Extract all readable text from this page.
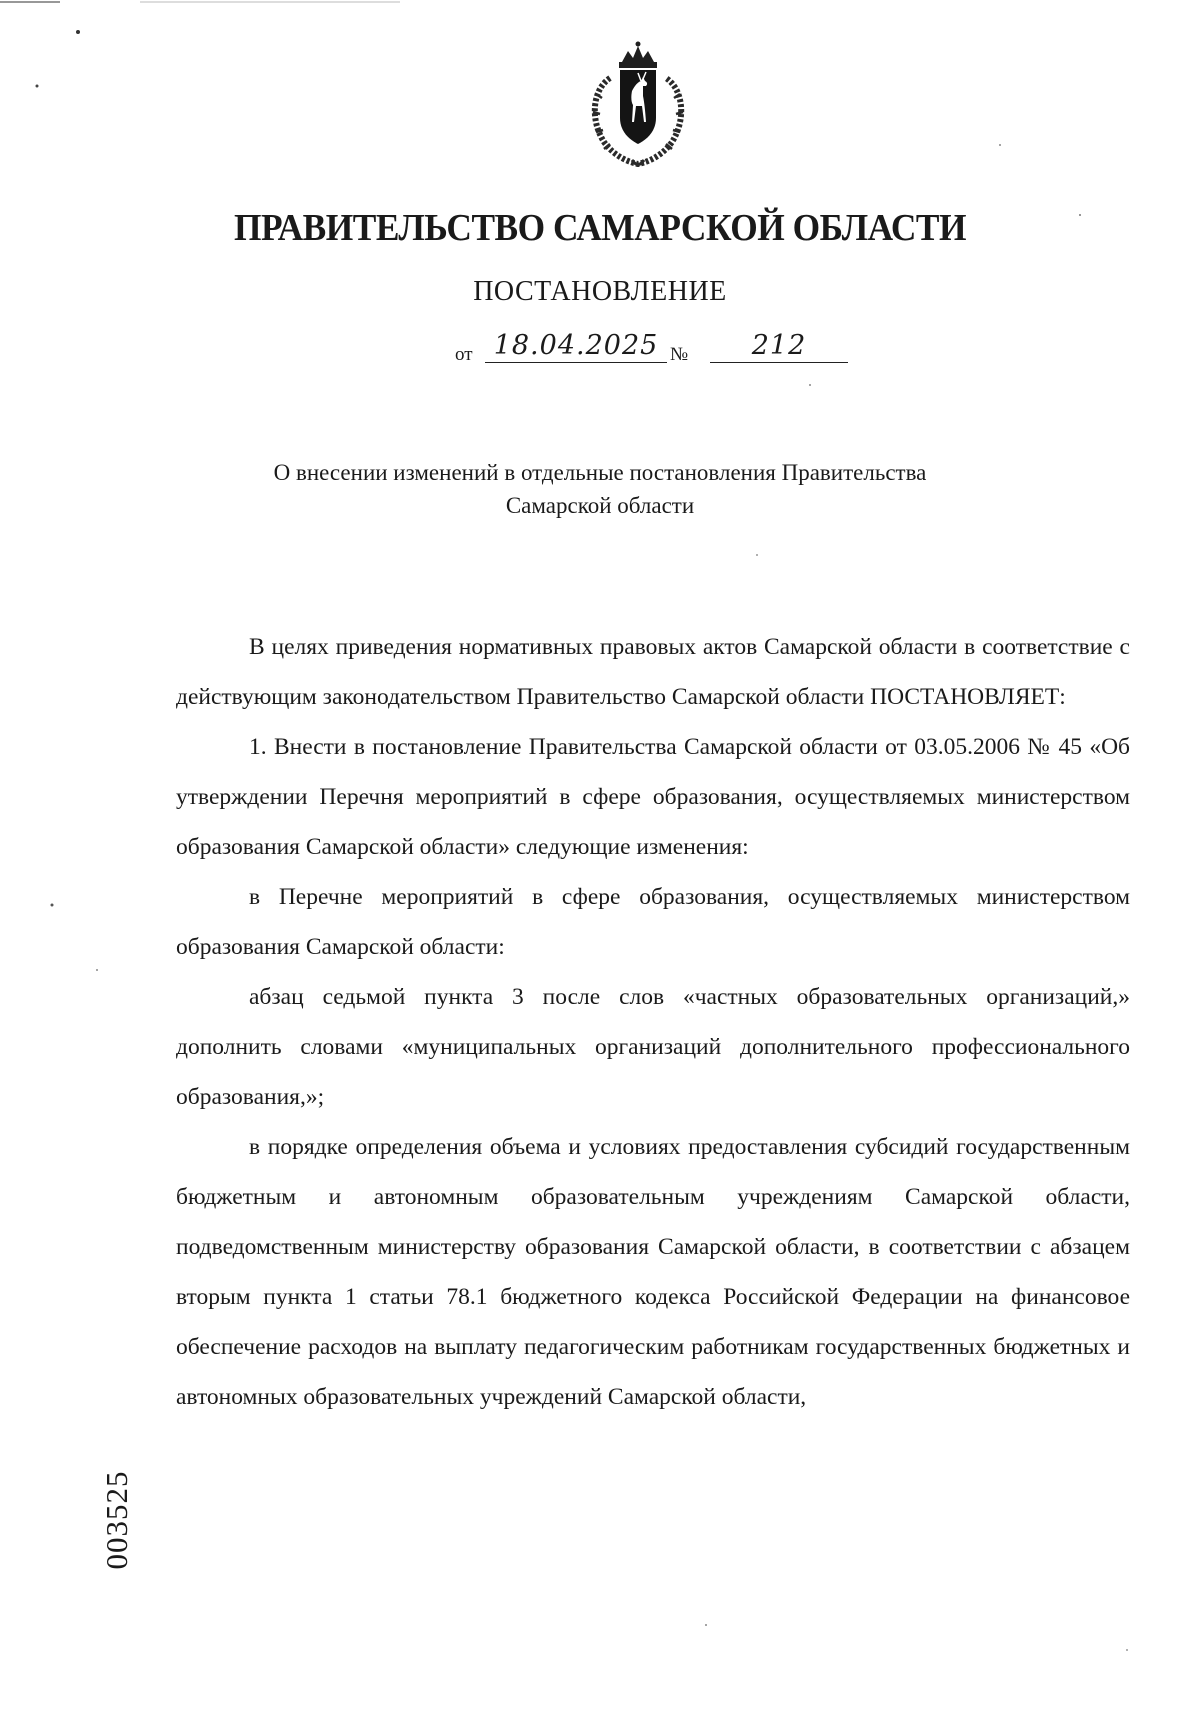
ПРАВИТЕЛЬСТВО САМАРСКОЙ ОБЛАСТИ
ПОСТАНОВЛЕНИЕ
от 18.04.2025 №	212
О внесении изменений в отдельные постановления Правительства
Самарской области

В целях приведения нормативных правовых актов Самарской области в соответствие с действующим законодательством Правительство Самарской области ПОСТАНОВЛЯЕТ:

1. Внести в постановление Правительства Самарской области от 03.05.2006 № 45 «Об утверждении Перечня мероприятий в сфере образования, осуществляемых министерством образования Самарской области» следующие изменения:

в Перечне мероприятий в сфере образования, осуществляемых министерством образования Самарской области:

абзац седьмой пункта 3 после слов «частных образовательных организаций,» дополнить словами «муниципальных организаций дополнительного профессионального образования,»;

в порядке определения объема и условиях предоставления субсидий государственным бюджетным и автономным образовательным учреждениям Самарской области, подведомственным министерству образования Самарской области, в соответствии с абзацем вторым пункта 1 статьи 78.1 бюджетного кодекса Российской Федерации на финансовое обеспечение расходов на выплату педагогическим работникам государственных бюджетных и автономных образовательных учреждений Самарской области,

003525
